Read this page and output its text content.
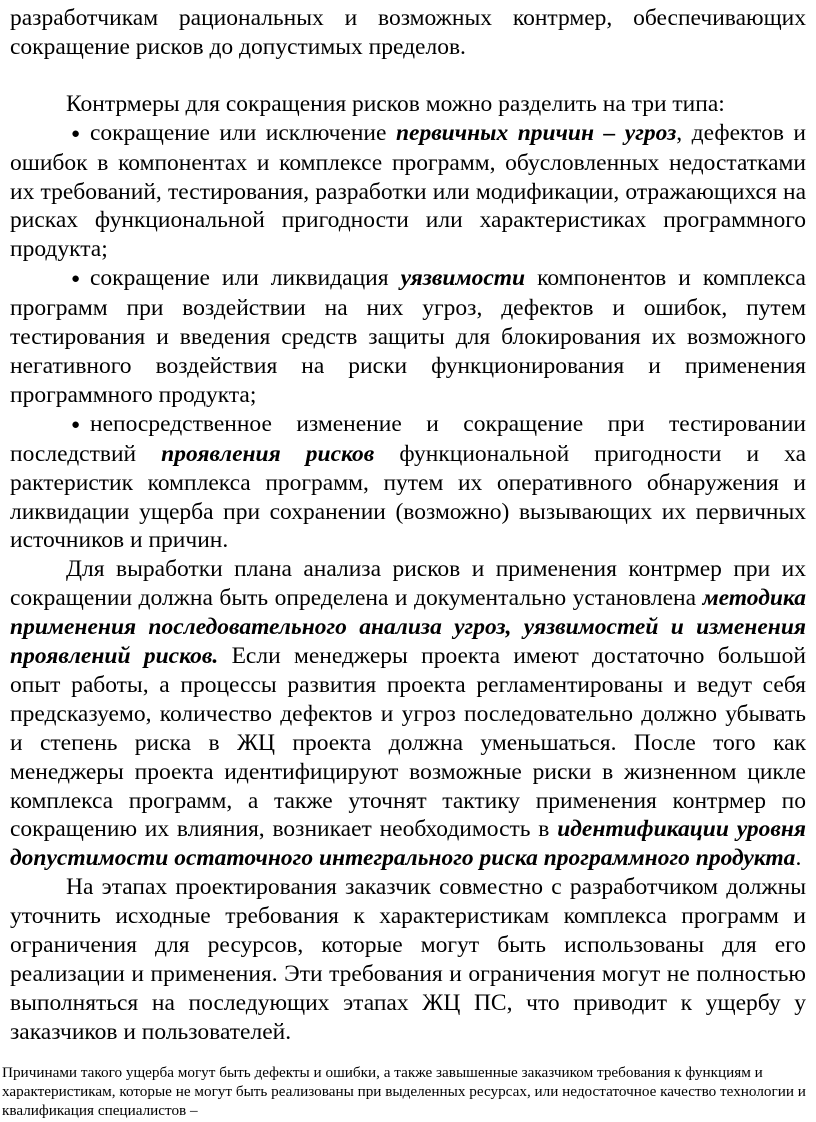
разработчикам рациональных и возможных контрмер, обеспечивающих сокращение рисков до допустимых пределов.

Контрмеры для сокращения рисков можно разделить на три типа:

● сокращение или исключение первичных причин – угроз, дефектов и ошибок в компонентах и комплексе программ, обусловленных недостатками их требований, тестирования, разработки или модификации, отражающихся на рисках функциональной пригодности или характеристиках программного продукта;

● сокращение или ликвидация уязвимости компонентов и комплекса программ при воздействии на них угроз, дефектов и ошибок, путем тестирования и введения средств защиты для блокирования их возможного негативного воздействия на риски функционирования и применения программного продукта;

● непосредственное изменение и сокращение при тестировании последствий проявления рисков функциональной пригодности и ха рактеристик комплекса программ, путем их оперативного обнаружения и ликвидации ущерба при сохранении (возможно) вызывающих их первичных источников и причин.

Для выработки плана анализа рисков и применения контрмер при их сокращении должна быть определена и документально установлена методика применения последовательного анализа угроз, уязвимостей и изменения проявлений рисков. Если менеджеры проекта имеют достаточно большой опыт работы, а процессы развития проекта регламентированы и ведут себя предсказуемо, количество дефектов и угроз последовательно должно убывать и степень риска в ЖЦ проекта должна уменьшаться. После того как менеджеры проекта идентифицируют возможные риски в жизненном цикле комплекса программ, а также уточнят тактику применения контрмер по сокращению их влияния, возникает необходимость в идентификации уровня допустимости остаточного интегрального риска программного продукта.

На этапах проектирования заказчик совместно с разработчиком должны уточнить исходные требования к характеристикам комплекса программ и ограничения для ресурсов, которые могут быть использованы для его реализации и применения. Эти требования и ограничения могут не полностью выполняться на последующих этапах ЖЦ ПС, что приводит к ущербу у заказчиков и пользователей.

Причинами такого ущерба могут быть дефекты и ошибки, а также завышенные заказчиком требования к функциям и характеристикам, которые не могут быть реализованы при выделенных ресурсах, или недостаточное качество технологии и квалификация специалистов –
